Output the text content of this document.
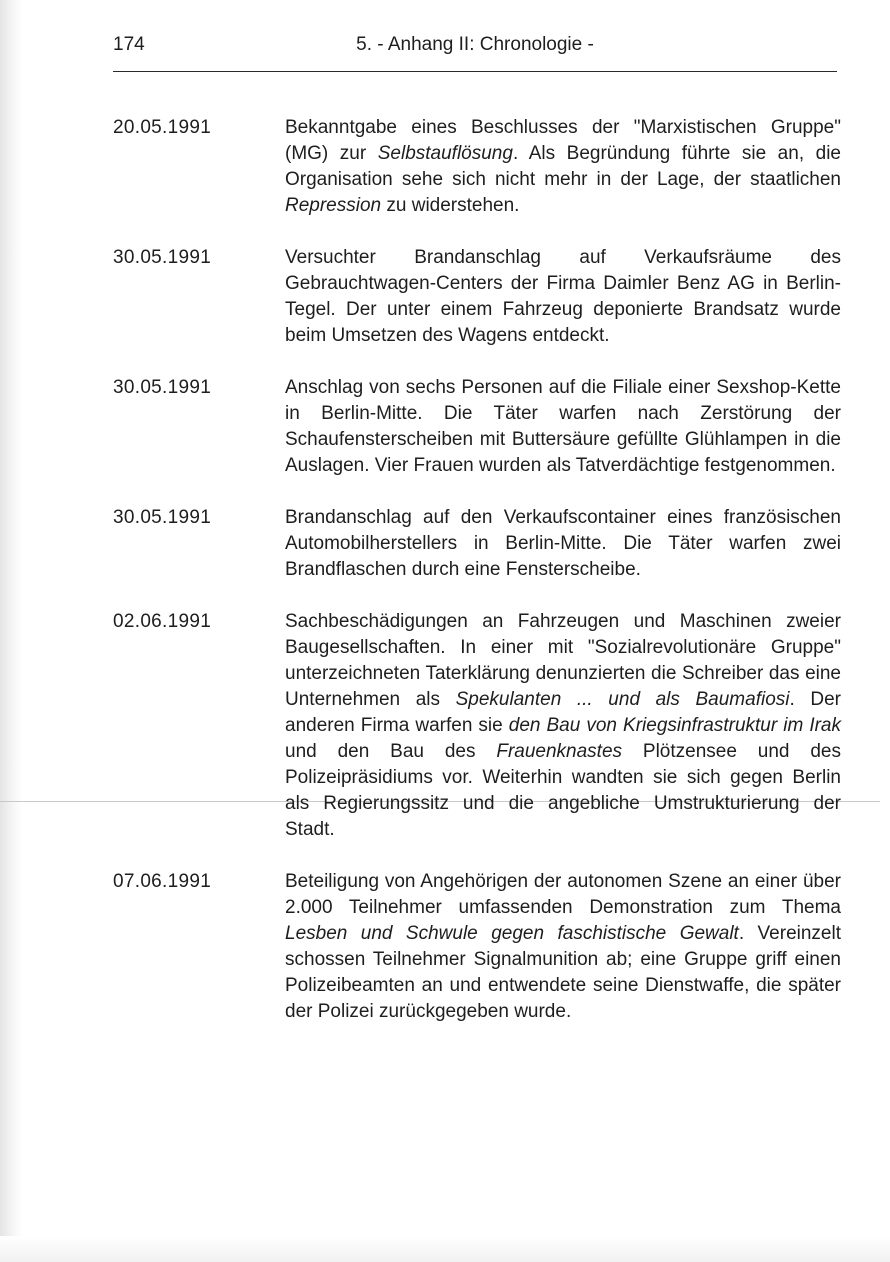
174	5. - Anhang II: Chronologie -
20.05.1991	Bekanntgabe eines Beschlusses der "Marxistischen Gruppe" (MG) zur Selbstauflösung. Als Begründung führte sie an, die Organisation sehe sich nicht mehr in der Lage, der staatlichen Repression zu widerstehen.
30.05.1991	Versuchter Brandanschlag auf Verkaufsräume des Gebrauchtwagen-Centers der Firma Daimler Benz AG in Berlin-Tegel. Der unter einem Fahrzeug deponierte Brandsatz wurde beim Umsetzen des Wagens entdeckt.
30.05.1991	Anschlag von sechs Personen auf die Filiale einer Sexshop-Kette in Berlin-Mitte. Die Täter warfen nach Zerstörung der Schaufensterscheiben mit Buttersäure gefüllte Glühlampen in die Auslagen. Vier Frauen wurden als Tatverdächtige festgenommen.
30.05.1991	Brandanschlag auf den Verkaufscontainer eines französischen Automobilherstellers in Berlin-Mitte. Die Täter warfen zwei Brandflaschen durch eine Fensterscheibe.
02.06.1991	Sachbeschädigungen an Fahrzeugen und Maschinen zweier Baugesellschaften. In einer mit "Sozialrevolutionäre Gruppe" unterzeichneten Taterklärung denunzierten die Schreiber das eine Unternehmen als Spekulanten ... und als Baumafiosi. Der anderen Firma warfen sie den Bau von Kriegsinfrastruktur im Irak und den Bau des Frauenknastes Plötzensee und des Polizeipräsidiums vor. Weiterhin wandten sie sich gegen Berlin als Regierungssitz und die angebliche Umstrukturierung der Stadt.
07.06.1991	Beteiligung von Angehörigen der autonomen Szene an einer über 2.000 Teilnehmer umfassenden Demonstration zum Thema Lesben und Schwule gegen faschistische Gewalt. Vereinzelt schossen Teilnehmer Signalmunition ab; eine Gruppe griff einen Polizeibeamten an und entwendete seine Dienstwaffe, die später der Polizei zurückgegeben wurde.
